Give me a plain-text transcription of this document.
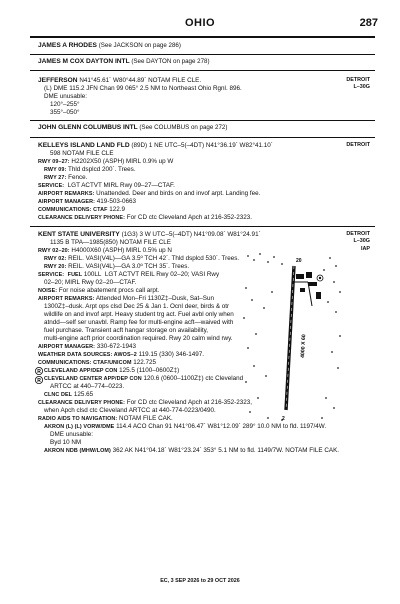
OHIO	287
JAMES A RHODES (See JACKSON on page 286)
JAMES M COX DAYTON INTL (See DAYTON on page 278)
JEFFERSON N41°45.61´ W80°44.89´ NOTAM FILE CLE.	DETROIT
L–30G
(L) DME 115.2 JFN Chan 99 065° 2.5 NM to Northeast Ohio Rgnl. 896.
DME unusable:
120°–255°
355°–050°
JOHN GLENN COLUMBUS INTL (See COLUMBUS on page 272)
KELLEYS ISLAND LAND FLD (89D) 1 NE UTC–5(–4DT) N41°36.19´ W82°41.10´	DETROIT
598 NOTAM FILE CLE
RWY 09–27: H2202X50 (ASPH) MIRL 0.9% up W
RWY 09: Thld dsplcd 200´. Trees.
RWY 27: Fence.
SERVICE: LGT ACTVT MIRL Rwy 09–27—CTAF.
AIRPORT REMARKS: Unattended. Deer and birds on and invof arpt. Landing fee.
AIRPORT MANAGER: 419-503-0663
COMMUNICATIONS: CTAF 122.9
CLEARANCE DELIVERY PHONE: For CD ctc Cleveland Apch at 216-352-2323.
KENT STATE UNIVERSITY (1G3) 3 W UTC–5(–4DT) N41°09.08´ W81°24.91´	DETROIT
L–30G
IAP
1135 B TPA—1985(850) NOTAM FILE CLE
RWY 02–20: H4000X60 (ASPH) MIRL 0.5% up N
RWY 02: REIL. VASI(V4L)—GA 3.5º TCH 42´. Thld dsplcd 530´. Trees.
RWY 20: REIL. VASI(V4L)—GA 3.0º TCH 35´. Trees.
SERVICE: FUEL 100LL LGT ACTVT REIL Rwy 02–20; VASI Rwy
02–20; MIRL Rwy 02–20—CTAF.
NOISE: For noise abatement procs call arpt.
AIRPORT REMARKS: Attended Mon–Fri 1130Z‡–Dusk, Sat–Sun
1300Z‡–dusk. Arpt ops clsd Dec 25 & Jan 1. Ocnl deer, birds & otr
wildlife on and invof arpt. Heavy student trg act. Fuel avbl only when
atndd—self ser unavbl. Ramp fee for multi-engine acft—waived with
fuel purchase. Transient acft hangar storage on availability,
multi-engine acft prior coordination required. Rwy 20 calm wind rwy.
AIRPORT MANAGER: 330-672-1943
WEATHER DATA SOURCES: AWOS–2 119.15 (330) 346-1497.
COMMUNICATIONS: CTAF/UNICOM 122.725
R
R
CLEVELAND APP/DEP CON 125.5 (1100–0600Z‡)
CLEVELAND CENTER APP/DEP CON 120.6 (0600–1100Z‡) ctc Cleveland
ARTCC at 440–774–0223.
CLNC DEL 125.65
CLEARANCE DELIVERY PHONE: For CD ctc Cleveland Apch at 216-352-2323,
when Apch clsd ctc Cleveland ARTCC at 440-774-0223/0490.
RADIO AIDS TO NAVIGATION: NOTAM FILE CAK.
AKRON (L) (L) VORW/DME 114.4 ACO Chan 91 N41°06.47´ W81°12.09´ 289° 10.0 NM to fld. 1197/4W.
DME unusable:
Byd 10 NM
AKRON NDB (MHW/LOM) 362 AK N41°04.18´ W81°23.24´ 353° 5.1 NM to fld. 1149/7W. NOTAM FILE CAK.
20
2
4000 X 60
EC, 3 SEP 2026 to 29 OCT 2026
